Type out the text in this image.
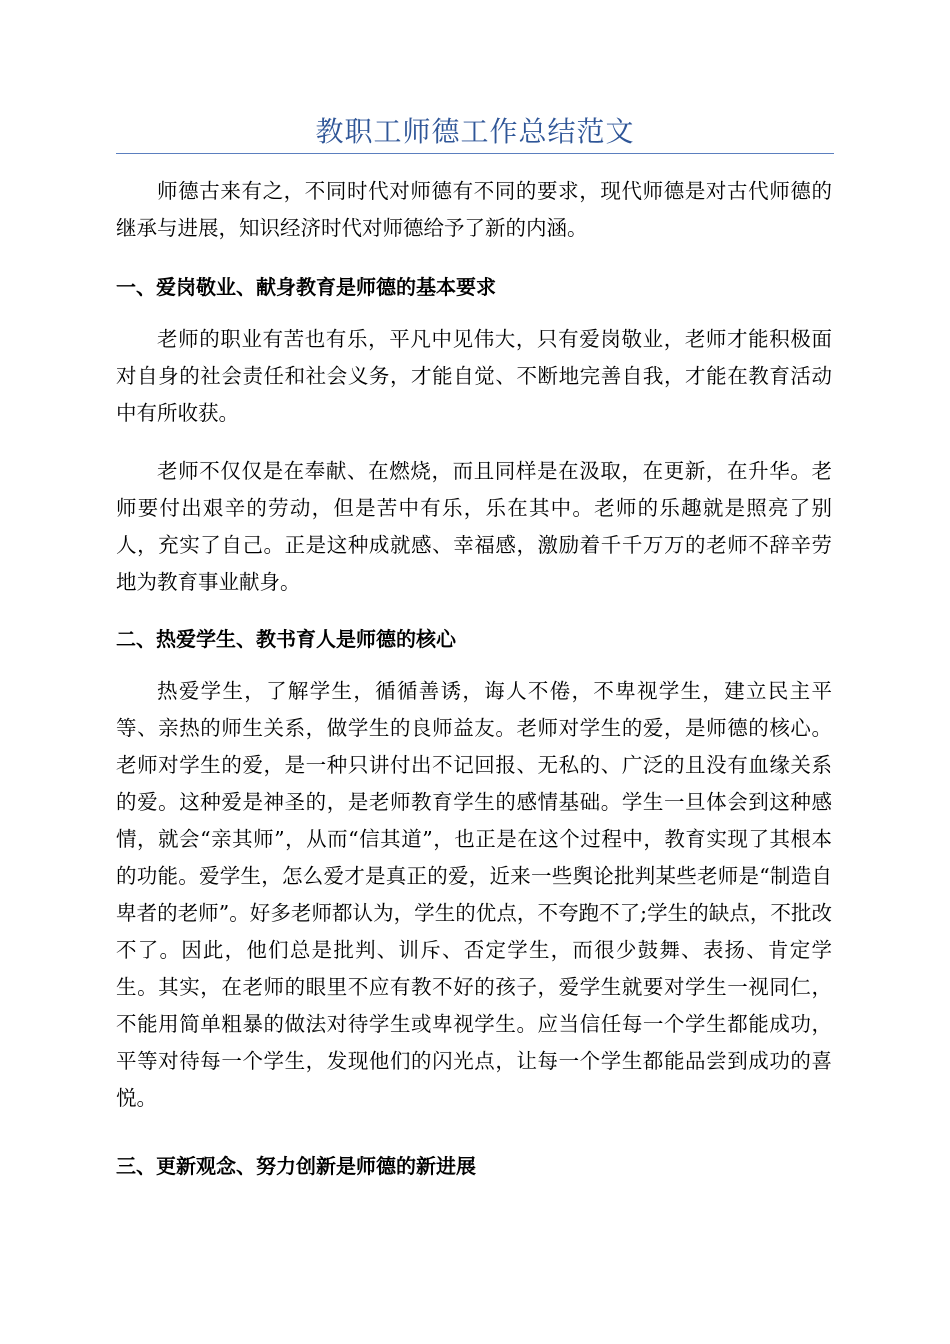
教职工师德工作总结范文

师德古来有之，不同时代对师德有不同的要求，现代师德是对古代师德的继承与进展，知识经济时代对师德给予了新的内涵。

一、爱岗敬业、献身教育是师德的基本要求

老师的职业有苦也有乐，平凡中见伟大，只有爱岗敬业，老师才能积极面对自身的社会责任和社会义务，才能自觉、不断地完善自我，才能在教育活动中有所收获。

老师不仅仅是在奉献、在燃烧，而且同样是在汲取，在更新，在升华。老师要付出艰辛的劳动，但是苦中有乐，乐在其中。老师的乐趣就是照亮了别人，充实了自己。正是这种成就感、幸福感，激励着千千万万的老师不辞辛劳地为教育事业献身。

二、热爱学生、教书育人是师德的核心

热爱学生，了解学生，循循善诱，诲人不倦，不卑视学生，建立民主平等、亲热的师生关系，做学生的良师益友。老师对学生的爱，是师德的核心。老师对学生的爱，是一种只讲付出不记回报、无私的、广泛的且没有血缘关系的爱。这种爱是神圣的，是老师教育学生的感情基础。学生一旦体会到这种感情，就会“亲其师”，从而“信其道”，也正是在这个过程中，教育实现了其根本的功能。爱学生，怎么爱才是真正的爱，近来一些舆论批判某些老师是“制造自卑者的老师”。好多老师都认为，学生的优点，不夸跑不了;学生的缺点，不批改不了。因此，他们总是批判、训斥、否定学生，而很少鼓舞、表扬、肯定学生。其实，在老师的眼里不应有教不好的孩子，爱学生就要对学生一视同仁，不能用简单粗暴的做法对待学生或卑视学生。应当信任每一个学生都能成功，平等对待每一个学生，发现他们的闪光点，让每一个学生都能品尝到成功的喜悦。

三、更新观念、努力创新是师德的新进展
